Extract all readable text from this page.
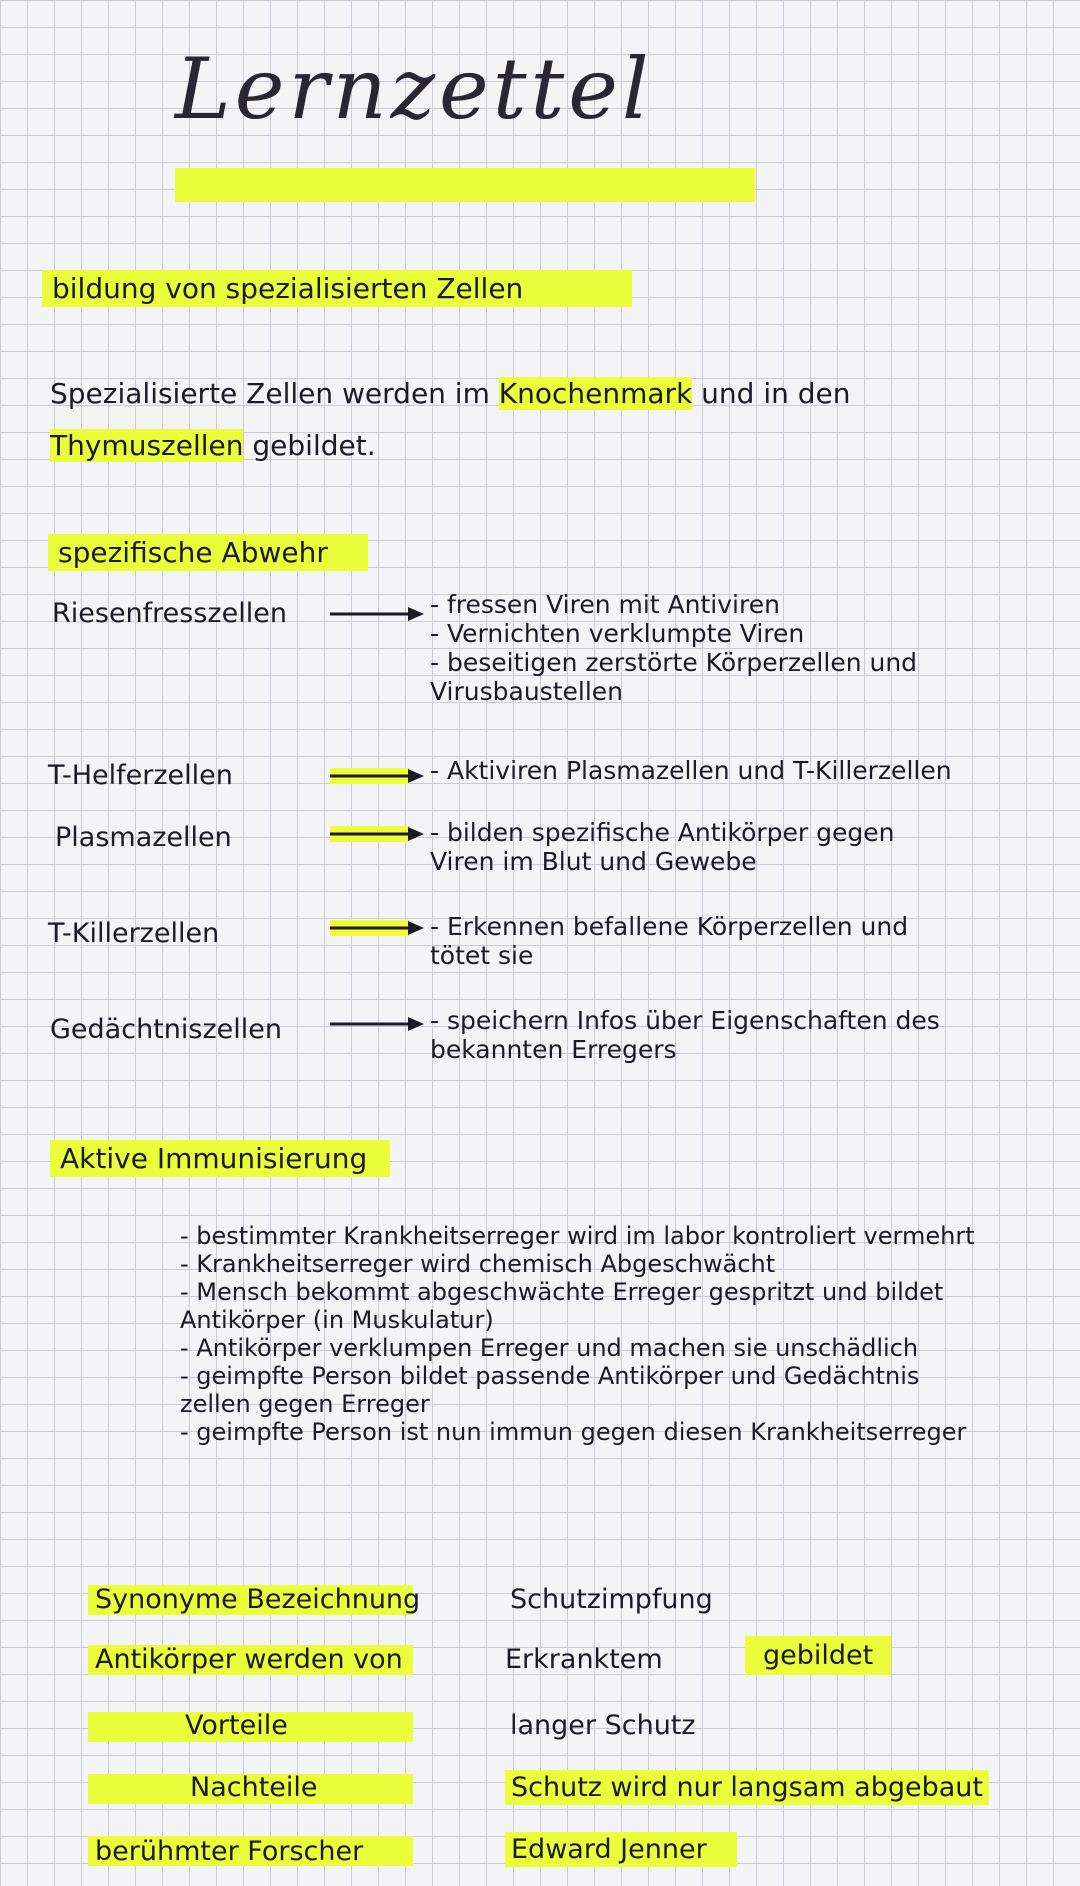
Lernzettel
bildung von spezialisierten Zellen
Spezialisierte Zellen werden im Knochenmark und in den
Thymuszellen gebildet.
spezifische Abwehr
Riesenfresszellen	- fressen Viren mit Antiviren
- Vernichten verklumpte Viren
- beseitigen zerstörte Körperzellen und Virusbaustellen
T-Helferzellen	- Aktiviren Plasmazellen und T-Killerzellen
Plasmazellen	- bilden spezifische Antikörper gegen Viren im Blut und Gewebe
T-Killerzellen	- Erkennen befallene Körperzellen und tötet sie
Gedächtniszellen	- speichern Infos über Eigenschaften des bekannten Erregers
Aktive Immunisierung
- bestimmter Krankheitserreger wird im labor kontroliert vermehrt
- Krankheitserreger wird chemisch Abgeschwächt
- Mensch bekommt abgeschwächte Erreger gespritzt und bildet Antikörper (in Muskulatur)
- Antikörper verklumpen Erreger und machen sie unschädlich
- geimpfte Person bildet passende Antikörper und Gedächtnis zellen gegen Erreger
- geimpfte Person ist nun immun gegen diesen Krankheitserreger
Synonyme Bezeichnung	Schutzimpfung
Antikörper werden von	Erkranktem	gebildet
Vorteile	langer Schutz
Nachteile	Schutz wird nur langsam abgebaut
berühmter Forscher	Edward Jenner
